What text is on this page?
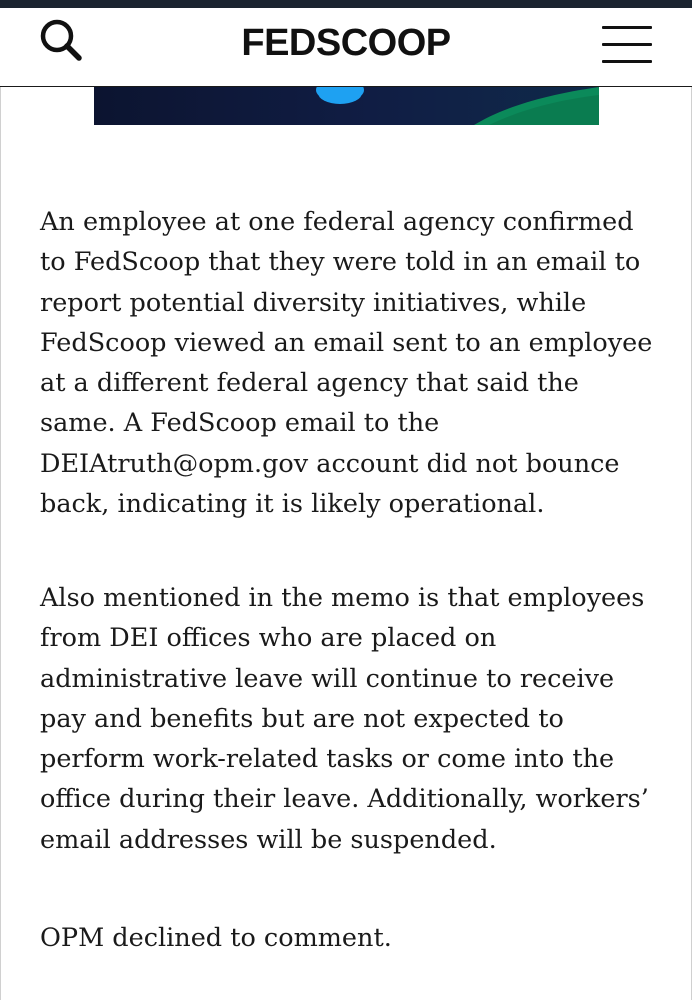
FEDSCOOP

An employee at one federal agency confirmed to FedScoop that they were told in an email to report potential diversity initiatives, while FedScoop viewed an email sent to an employee at a different federal agency that said the same. A FedScoop email to the DEIAtruth@opm.gov account did not bounce back, indicating it is likely operational.

Also mentioned in the memo is that employees from DEI offices who are placed on administrative leave will continue to receive pay and benefits but are not expected to perform work-related tasks or come into the office during their leave. Additionally, workers’ email addresses will be suspended.

OPM declined to comment.
